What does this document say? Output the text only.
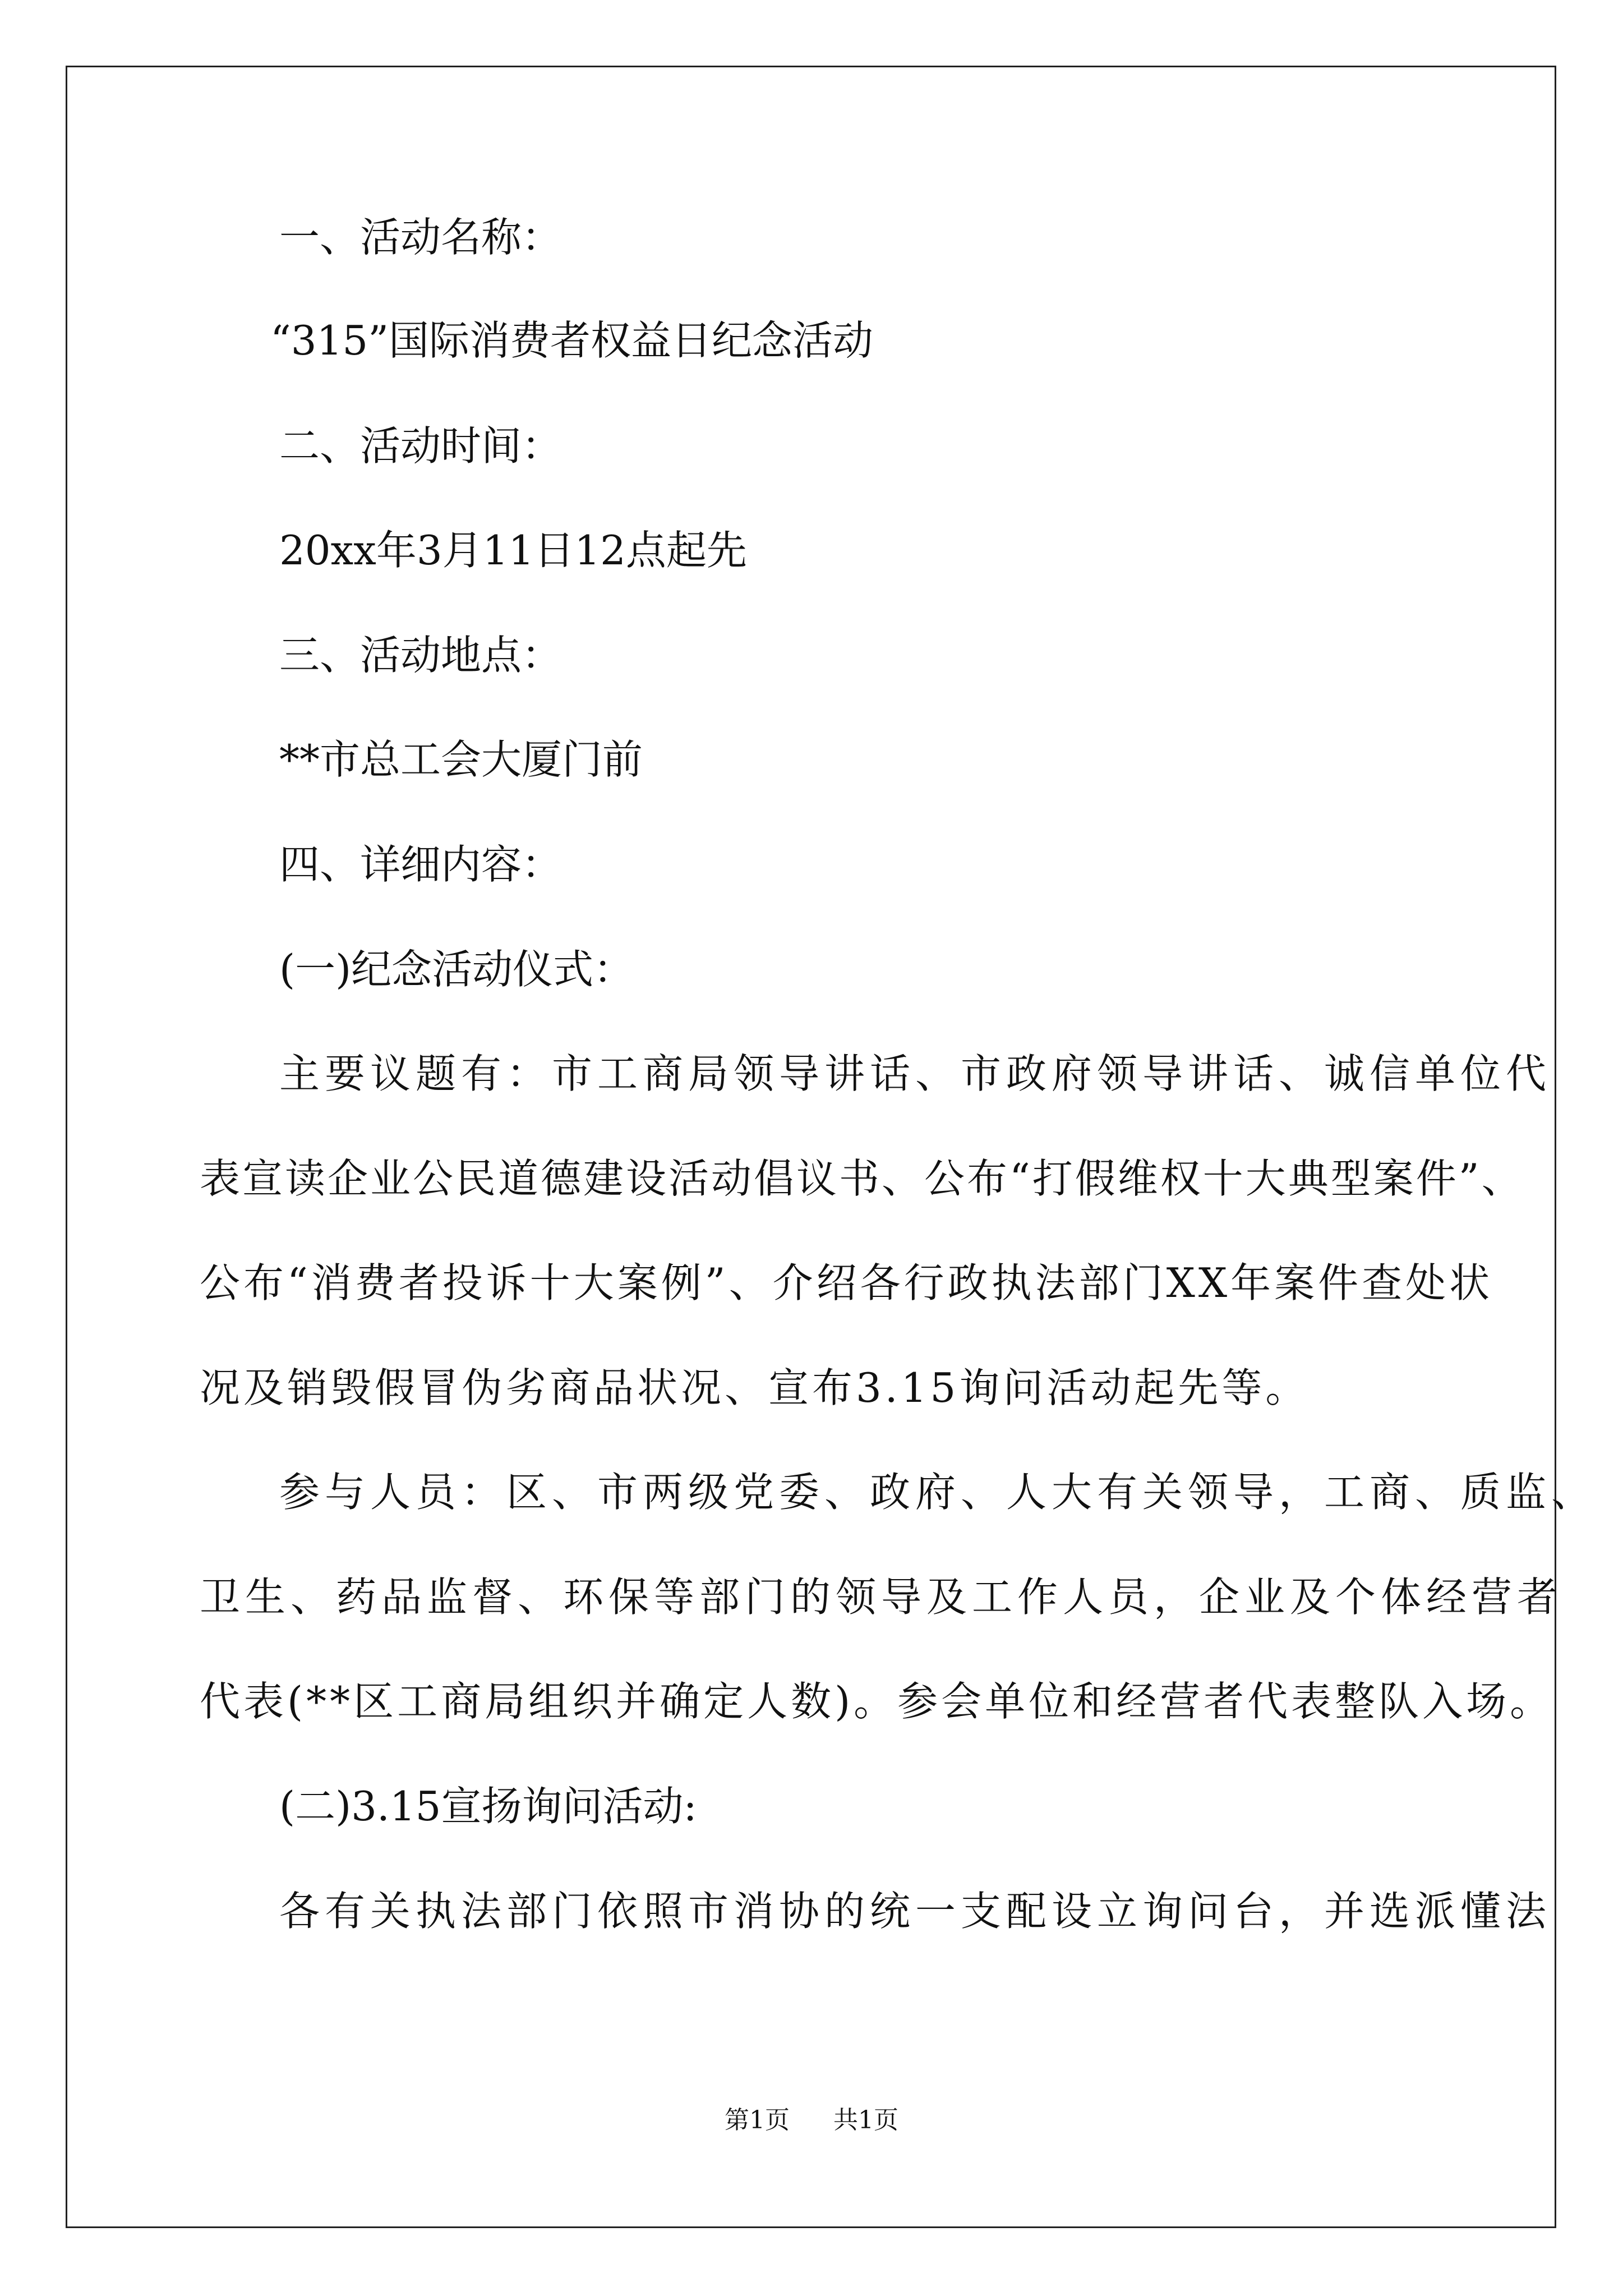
一、活动名称：
“315”国际消费者权益日纪念活动
二、活动时间：
20xx年3月11日12点起先
三、活动地点：
**市总工会大厦门前
四、详细内容：
(一)纪念活动仪式：
主要议题有：市工商局领导讲话、市政府领导讲话、诚信单位代
表宣读企业公民道德建设活动倡议书、公布“打假维权十大典型案件”、
公布“消费者投诉十大案例”、介绍各行政执法部门XX年案件查处状
况及销毁假冒伪劣商品状况、宣布3.15询问活动起先等。
参与人员：区、市两级党委、政府、人大有关领导，工商、质监、
卫生、药品监督、环保等部门的领导及工作人员，企业及个体经营者
代表(**区工商局组织并确定人数)。参会单位和经营者代表整队入场。
(二)3.15宣扬询问活动:
各有关执法部门依照市消协的统一支配设立询问台，并选派懂法
第1页 共1页
